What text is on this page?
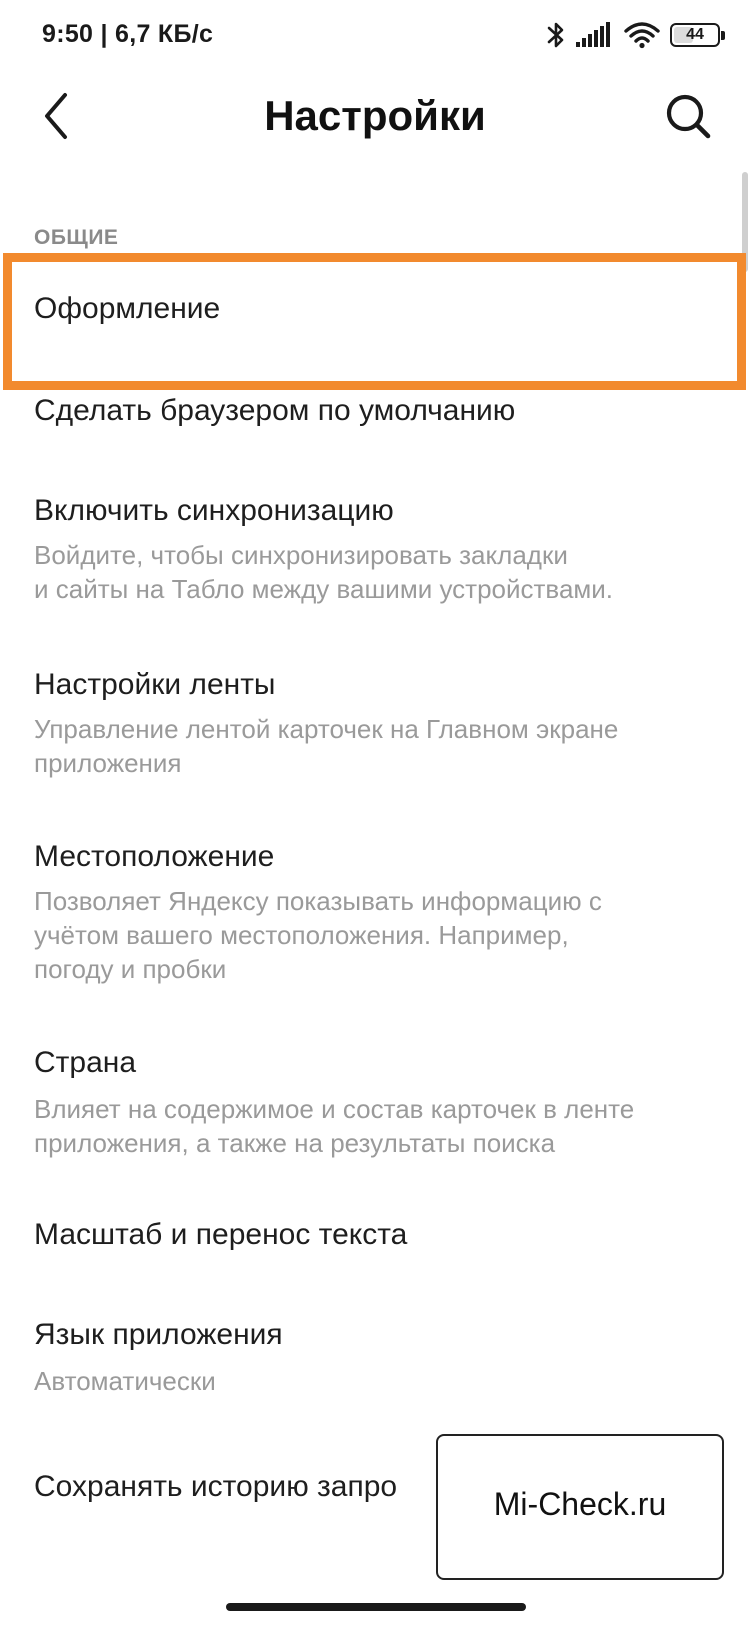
9:50 | 6,7 КБ/с	44
Настройки
ОБЩИЕ
Оформление
Сделать браузером по умолчанию
Включить синхронизацию
Войдите, чтобы синхронизировать закладки
и сайты на Табло между вашими устройствами.
Настройки ленты
Управление лентой карточек на Главном экране
приложения
Местоположение
Позволяет Яндексу показывать информацию с
учётом вашего местоположения. Например,
погоду и пробки
Страна
Влияет на содержимое и состав карточек в ленте
приложения, а также на результаты поиска
Масштаб и перенос текста
Язык приложения
Автоматически
Сохранять историю запро	Mi-Check.ru
